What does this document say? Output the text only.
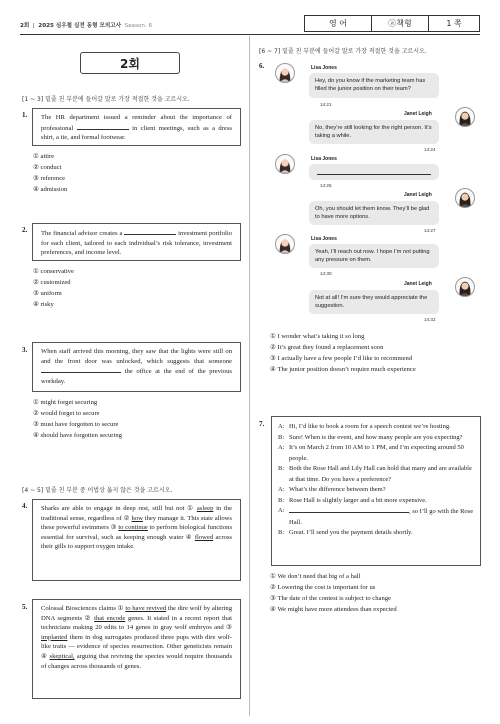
2회  |  2025 심우철 실전 동형 모의고사 Season. 6	영 어	ⓐ책형	1 쪽
2회
[1 ~ 3] 밑줄 친 부분에 들어갈 말로 가장 적절한 것을 고르시오.
1.	The HR department issued a reminder about the importance of professional	in client meetings, such as a dress shirt, a tie, and formal footwear.
① attire
② conduct
③ reference
④ admission
2.	The financial advisor creates a	investment portfolio for each client, tailored to each individual’s risk tolerance, investment preferences, and income level.
① conservative
② customized
③ uniform
④ risky
3.	When staff arrived this morning, they saw that the lights were still on and the front door was unlocked, which suggests that someone  the office at the end of the previous workday.
① might forget securing
② would forget to secure
③ must have forgotten to secure
④ should have forgotten securing
[4 ~ 5] 밑줄 친 부분 중 어법상 옳지 않은 것을 고르시오.
4.	Sharks are able to engage in deep rest, still but not ① asleep in the traditional sense, regardless of ② how they manage it. This state allows these powerful swimmers ③ to continue to perform biological functions essential for survival, such as keeping enough water ④ flowed across their gills to support oxygen intake.
5.	Colossal Biosciences claims ① to have revived the dire wolf by altering DNA segments ② that encode genes. It stated in a recent report that technicians making 20 edits to 14 genes in gray wolf embryos and ③ implanted them in dog surrogates produced three pups with dire wolf-like traits — evidence of species resurrection. Other geneticists remain ④ skeptical, arguing that reviving the species would require thousands of changes across thousands of genes.
[6 ~ 7] 밑줄 친 부분에 들어갈 말로 가장 적절한 것을 고르시오.
6.	Lisa Jones
Hey, do you know if the marketing team has filled the junior position on their team?
14:21
Janet Leigh
No, they’re still looking for the right person. It’s taking a while.
14:24
Lisa Jones
14:25
Janet Leigh
Oh, you should let them know. They’ll be glad to have more options.
14:27
Lisa Jones
Yeah, I’ll reach out now. I hope I’m not putting any pressure on them.
14:30
Janet Leigh
Not at all! I’m sure they would appreciate the suggestion.
14:32
① I wonder what’s taking it so long
② It’s great they found a replacement soon
③ I actually have a few people I’d like to recommend
④ The junior position doesn’t require much experience
7. A: Hi, I’d like to book a room for a speech contest we’re hosting.
B: Sure! When is the event, and how many people are you expecting?
A: It’s on March 2 from 10 AM to 1 PM, and I’m expecting around 50 people.
B: Both the Rose Hall and Lily Hall can hold that many and are available at that time. Do you have a preference?
A: What’s the difference between them?
B: Rose Hall is slightly larger and a bit more expensive.
A:	, so I’ll go with the Rose Hall.
B: Great. I’ll send you the payment details shortly.
① We don’t need that big of a hall
② Lowering the cost is important for us
③ The date of the contest is subject to change
④ We might have more attendees than expected
